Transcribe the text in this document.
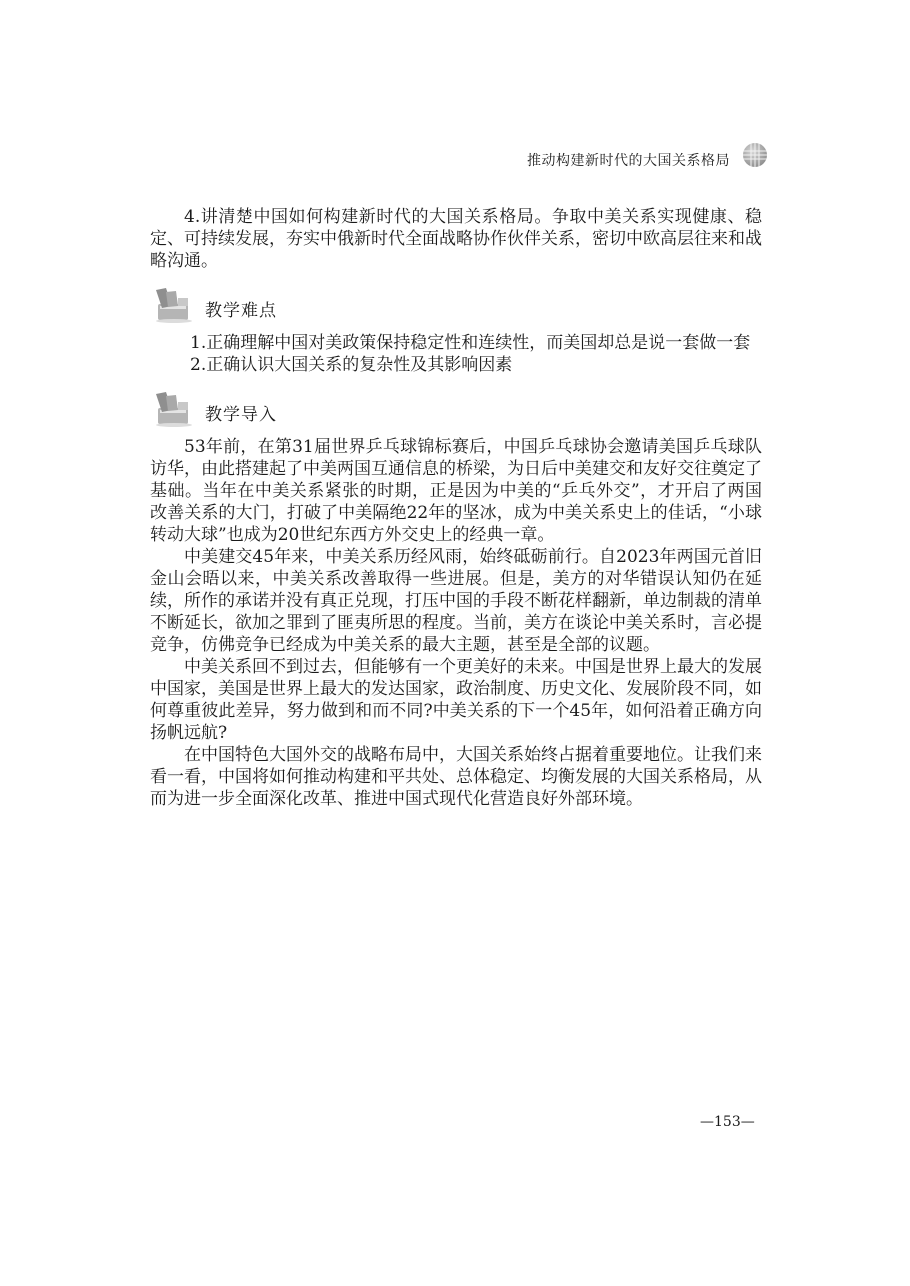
推动构建新时代的大国关系格局

4.讲清楚中国如何构建新时代的大国关系格局。争取中美关系实现健康、稳定、可持续发展，夯实中俄新时代全面战略协作伙伴关系，密切中欧高层往来和战略沟通。

教学难点

1.正确理解中国对美政策保持稳定性和连续性，而美国却总是说一套做一套

2.正确认识大国关系的复杂性及其影响因素

教学导入

53年前，在第31届世界乒乓球锦标赛后，中国乒乓球协会邀请美国乒乓球队访华，由此搭建起了中美两国互通信息的桥梁，为日后中美建交和友好交往奠定了基础。当年在中美关系紧张的时期，正是因为中美的“乒乓外交”，才开启了两国改善关系的大门，打破了中美隔绝22年的坚冰，成为中美关系史上的佳话，“小球转动大球”也成为20世纪东西方外交史上的经典一章。

中美建交45年来，中美关系历经风雨，始终砥砺前行。自2023年两国元首旧金山会晤以来，中美关系改善取得一些进展。但是，美方的对华错误认知仍在延续，所作的承诺并没有真正兑现，打压中国的手段不断花样翻新，单边制裁的清单不断延长，欲加之罪到了匪夷所思的程度。当前，美方在谈论中美关系时，言必提竞争，仿佛竞争已经成为中美关系的最大主题，甚至是全部的议题。

中美关系回不到过去，但能够有一个更美好的未来。中国是世界上最大的发展中国家，美国是世界上最大的发达国家，政治制度、历史文化、发展阶段不同，如何尊重彼此差异，努力做到和而不同?中美关系的下一个45年，如何沿着正确方向扬帆远航?

在中国特色大国外交的战略布局中，大国关系始终占据着重要地位。让我们来看一看，中国将如何推动构建和平共处、总体稳定、均衡发展的大国关系格局，从而为进一步全面深化改革、推进中国式现代化营造良好外部环境。

—153—
